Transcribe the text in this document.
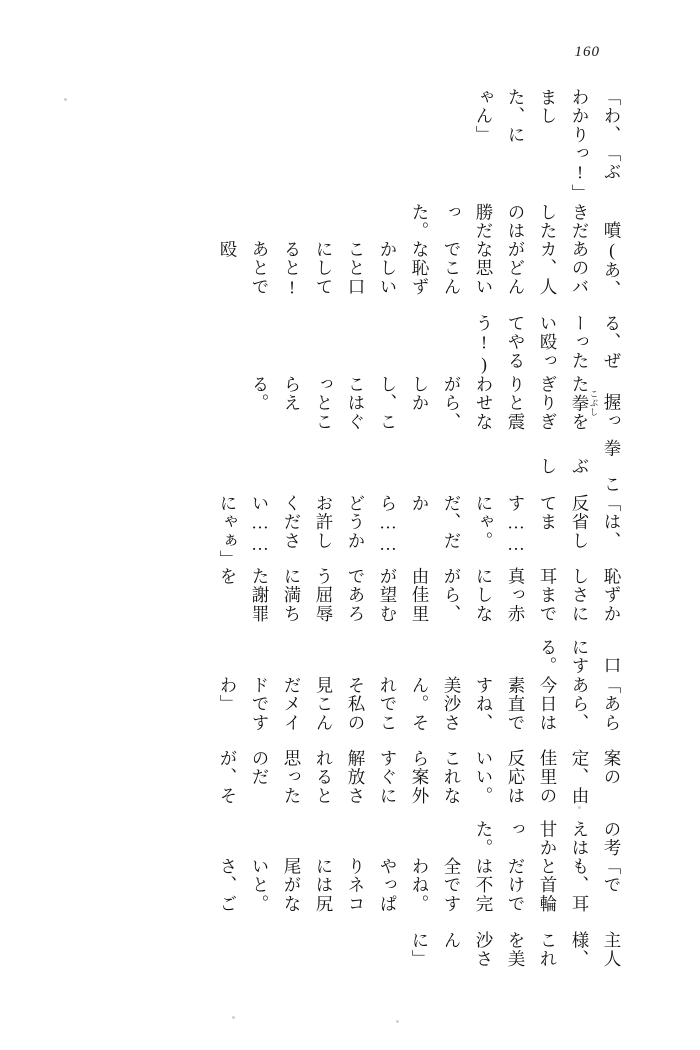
160
「わ、わかりました、にゃん」
「ぶっ!」
噴きだしたのは勝だった。
(あ、あのバカ、人がどんな思いでこんな恥ずかしいこと口にしてると! あとで殴
る、ぜーったい殴ってやるう!)
握った拳 こぶしをぎりぎりと震わせながら、しかし、ここはぐっとこらえる。
拳
こぶし
「は、反省してます……にゃ。だ、だから……どうかお許しください……にゃぁ」
恥ずかしさに耳まで真っ赤にしながら、由佳里が望むであろう屈辱に満ちた謝罪を
口にする。
「あらあら、今日は素直ですね、美沙さん。それでこそ私の見こんだメイドですわ」
案の定、由佳里の反応はいい。これなら案外すぐに解放されると思ったのだが、そ
の考えは甘かった。
「でも、耳と首輪だけでは不完全ですわね。やっぱりネコには尻尾がないと。さ、ご
主人様、これを美沙さんに」
